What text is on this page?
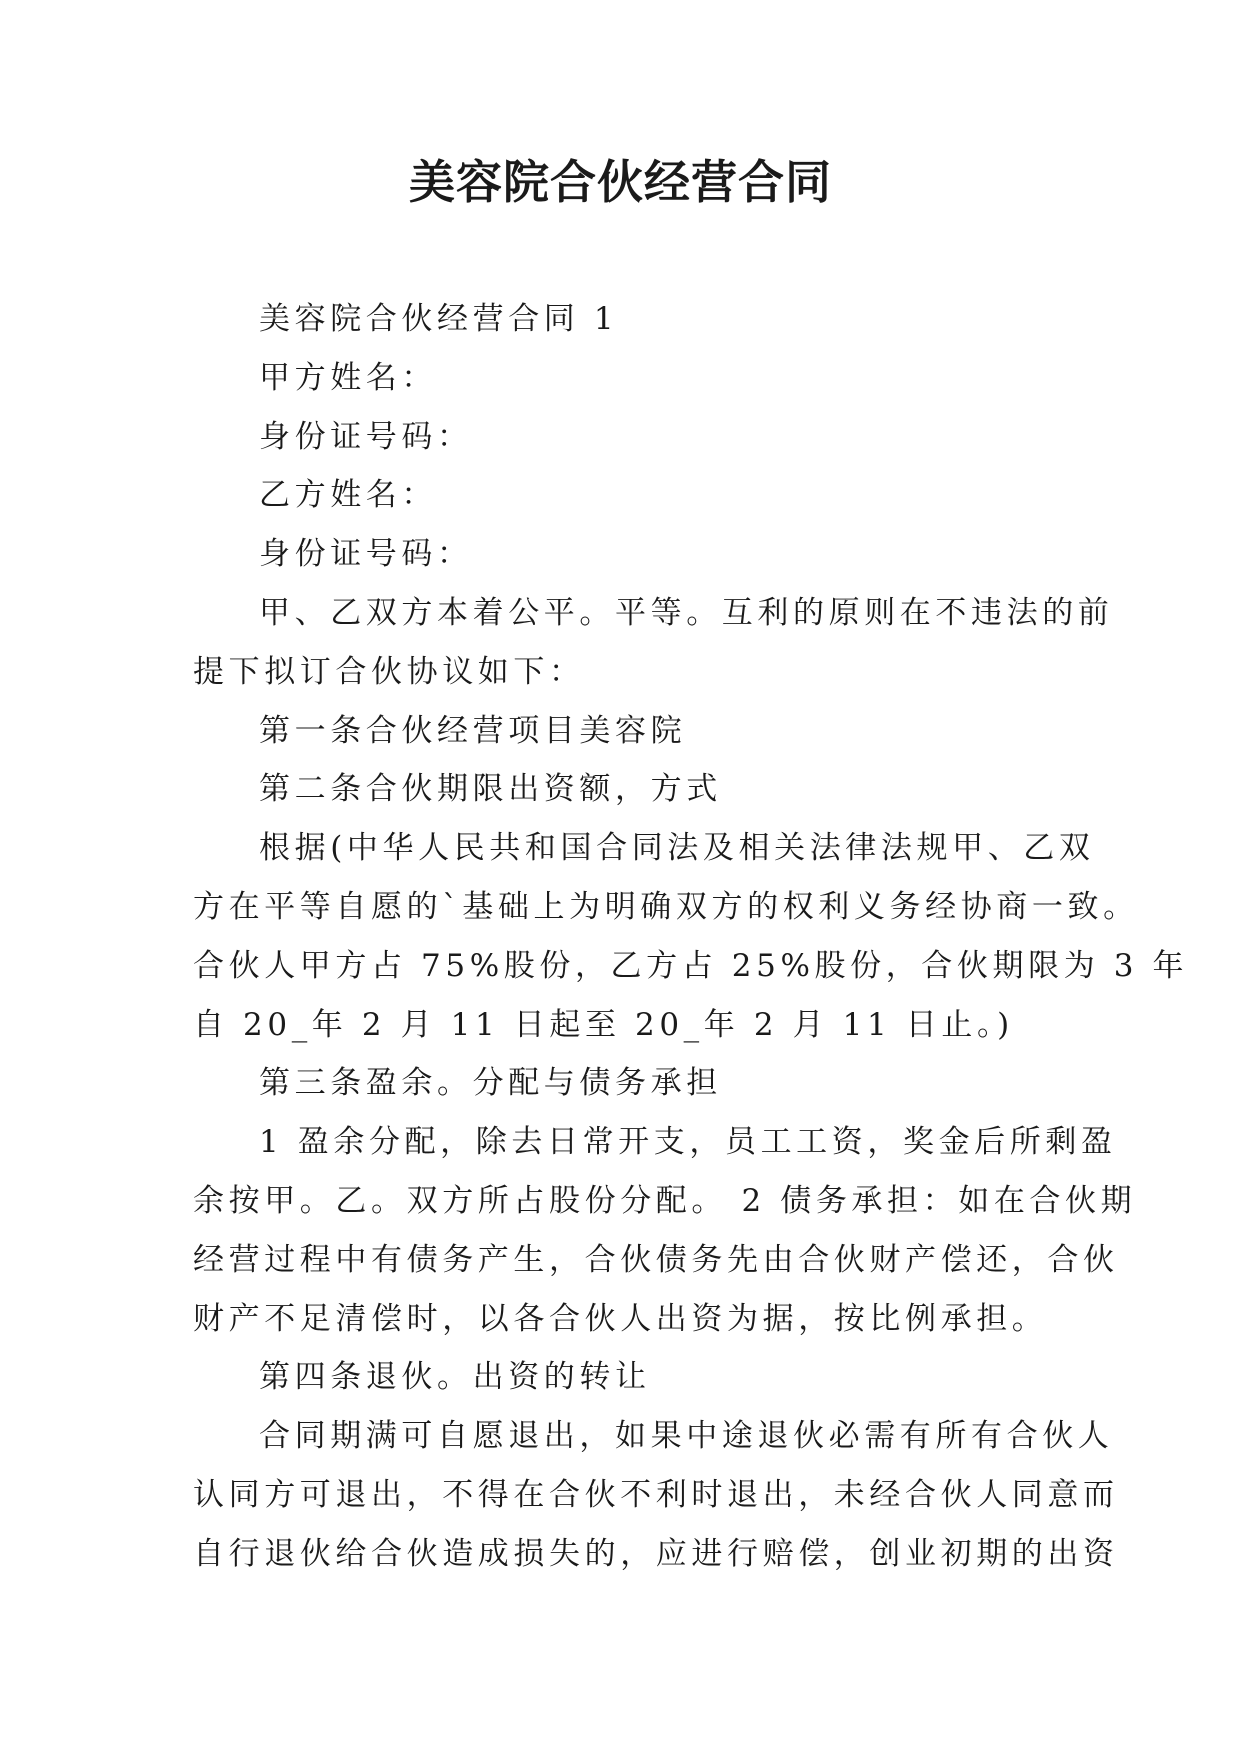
美容院合伙经营合同

美容院合伙经营合同 1

甲方姓名：

身份证号码：

乙方姓名：

身份证号码：

甲、乙双方本着公平。平等。互利的原则在不违法的前

提下拟订合伙协议如下：

第一条合伙经营项目美容院

第二条合伙期限出资额，方式

根据(中华人民共和国合同法及相关法律法规甲、乙双

方在平等自愿的`基础上为明确双方的权利义务经协商一致。

合伙人甲方占 75%股份，乙方占 25%股份，合伙期限为 3 年

自 20_年 2 月 11 日起至 20_年 2 月 11 日止。)

第三条盈余。分配与债务承担

1 盈余分配，除去日常开支，员工工资，奖金后所剩盈

余按甲。乙。双方所占股份分配。 2 债务承担：如在合伙期

经营过程中有债务产生，合伙债务先由合伙财产偿还，合伙

财产不足清偿时，以各合伙人出资为据，按比例承担。

第四条退伙。出资的转让

合同期满可自愿退出，如果中途退伙必需有所有合伙人

认同方可退出，不得在合伙不利时退出，未经合伙人同意而

自行退伙给合伙造成损失的，应进行赔偿，创业初期的出资
